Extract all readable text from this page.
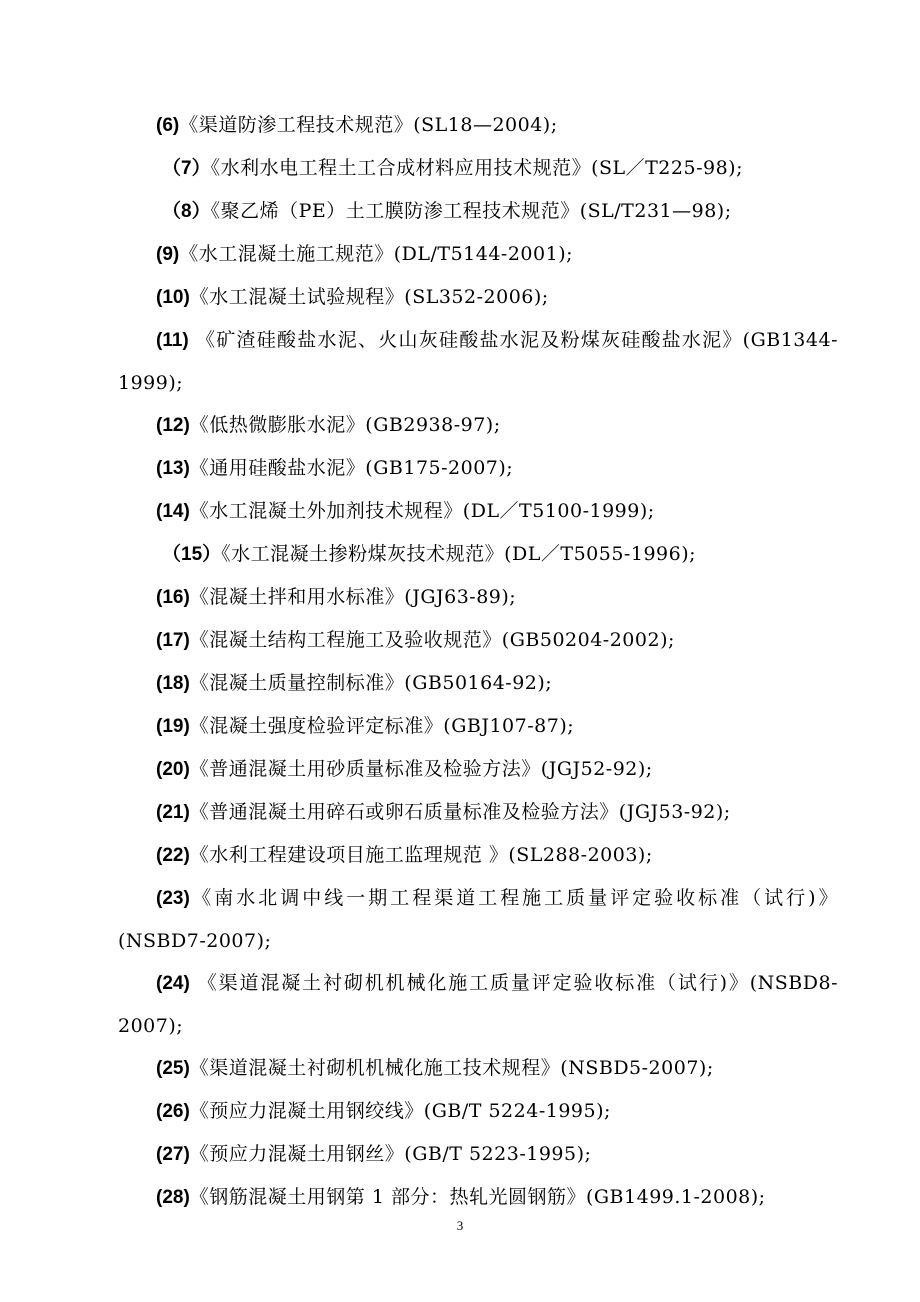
(6)《渠道防渗工程技术规范》(SL18—2004);
（7）《水利水电工程土工合成材料应用技术规范》(SL／T225-98);
（8）《聚乙烯（PE）土工膜防渗工程技术规范》(SL/T231—98);
(9)《水工混凝土施工规范》(DL/T5144-2001);
(10)《水工混凝土试验规程》(SL352-2006);
(11) 《矿渣硅酸盐水泥、火山灰硅酸盐水泥及粉煤灰硅酸盐水泥》(GB1344-1999);
(12)《低热微膨胀水泥》(GB2938-97);
(13)《通用硅酸盐水泥》(GB175-2007);
(14)《水工混凝土外加剂技术规程》(DL／T5100-1999);
（15）《水工混凝土掺粉煤灰技术规范》(DL／T5055-1996);
(16)《混凝土拌和用水标准》(JGJ63-89);
(17)《混凝土结构工程施工及验收规范》(GB50204-2002);
(18)《混凝土质量控制标准》(GB50164-92);
(19)《混凝土强度检验评定标准》(GBJ107-87);
(20)《普通混凝土用砂质量标准及检验方法》(JGJ52-92);
(21)《普通混凝土用碎石或卵石质量标准及检验方法》(JGJ53-92);
(22)《水利工程建设项目施工监理规范 》(SL288-2003);
(23)《南水北调中线一期工程渠道工程施工质量评定验收标准（试行)》(NSBD7-2007);
(24) 《渠道混凝土衬砌机机械化施工质量评定验收标准（试行)》(NSBD8-2007);
(25)《渠道混凝土衬砌机机械化施工技术规程》(NSBD5-2007);
(26)《预应力混凝土用钢绞线》(GB/T 5224-1995);
(27)《预应力混凝土用钢丝》(GB/T 5223-1995);
(28)《钢筋混凝土用钢第 1 部分：热轧光圆钢筋》(GB1499.1-2008);
3
